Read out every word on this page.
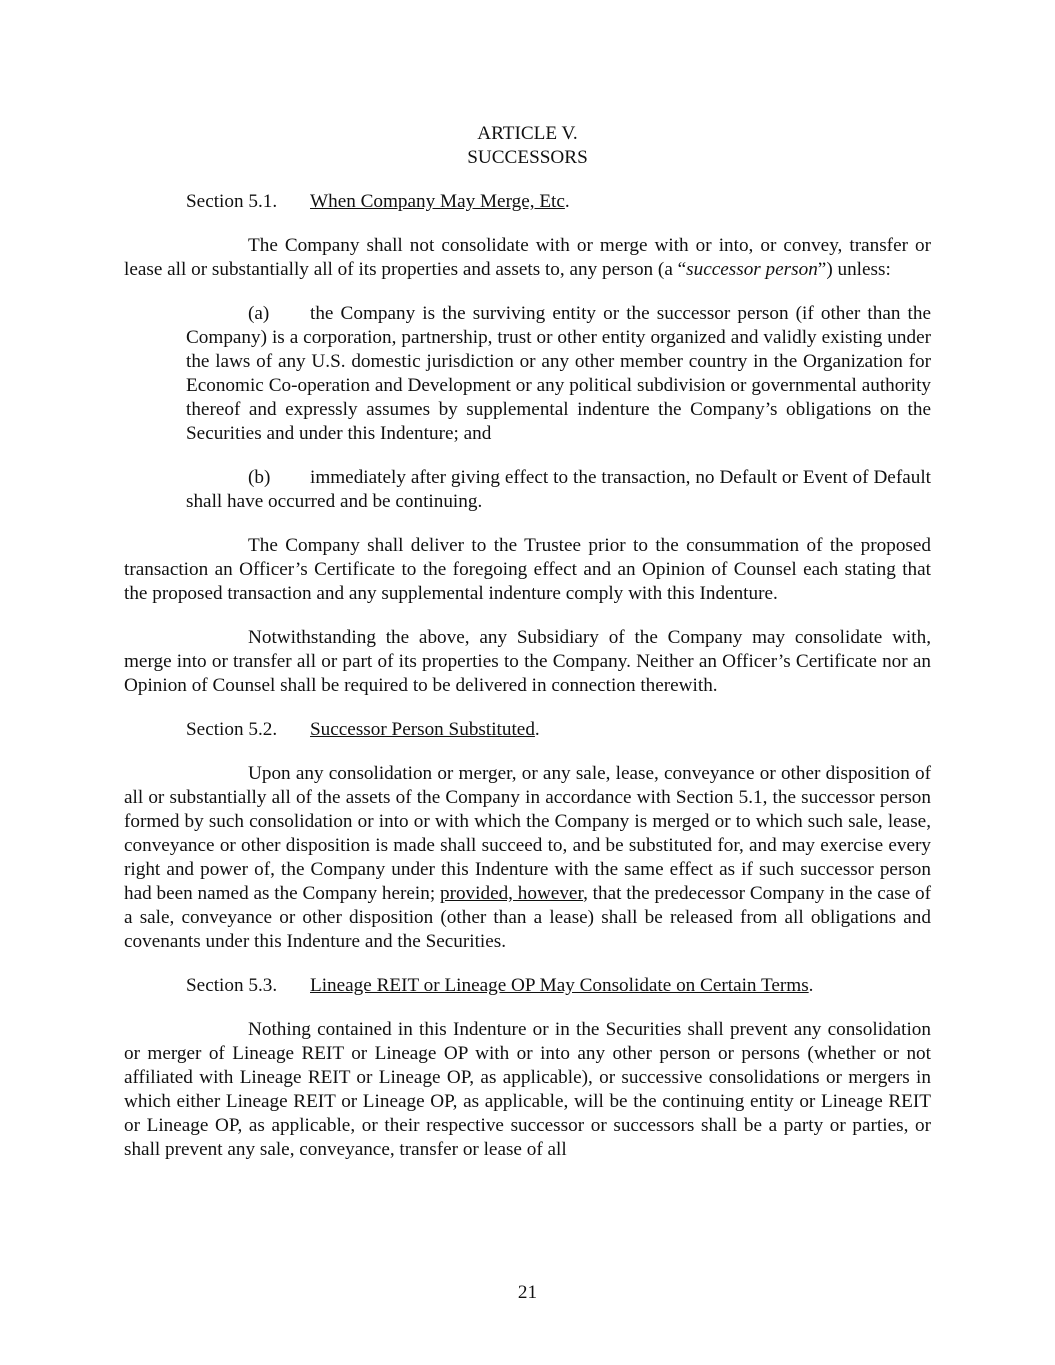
ARTICLE V.
SUCCESSORS
Section 5.1. When Company May Merge, Etc.

The Company shall not consolidate with or merge with or into, or convey, transfer or lease all or substantially all of its properties and assets to, any person (a “successor person”) unless:

(a) the Company is the surviving entity or the successor person (if other than the Company) is a corporation, partnership, trust or other entity organized and validly existing under the laws of any U.S. domestic jurisdiction or any other member country in the Organization for Economic Co-operation and Development or any political subdivision or governmental authority thereof and expressly assumes by supplemental indenture the Company’s obligations on the Securities and under this Indenture; and

(b) immediately after giving effect to the transaction, no Default or Event of Default shall have occurred and be continuing.

The Company shall deliver to the Trustee prior to the consummation of the proposed transaction an Officer’s Certificate to the foregoing effect and an Opinion of Counsel each stating that the proposed transaction and any supplemental indenture comply with this Indenture.

Notwithstanding the above, any Subsidiary of the Company may consolidate with, merge into or transfer all or part of its properties to the Company. Neither an Officer’s Certificate nor an Opinion of Counsel shall be required to be delivered in connection therewith.

Section 5.2. Successor Person Substituted.

Upon any consolidation or merger, or any sale, lease, conveyance or other disposition of all or substantially all of the assets of the Company in accordance with Section 5.1, the successor person formed by such consolidation or into or with which the Company is merged or to which such sale, lease, conveyance or other disposition is made shall succeed to, and be substituted for, and may exercise every right and power of, the Company under this Indenture with the same effect as if such successor person had been named as the Company herein; provided, however, that the predecessor Company in the case of a sale, conveyance or other disposition (other than a lease) shall be released from all obligations and covenants under this Indenture and the Securities.

Section 5.3. Lineage REIT or Lineage OP May Consolidate on Certain Terms.

Nothing contained in this Indenture or in the Securities shall prevent any consolidation or merger of Lineage REIT or Lineage OP with or into any other person or persons (whether or not affiliated with Lineage REIT or Lineage OP, as applicable), or successive consolidations or mergers in which either Lineage REIT or Lineage OP, as applicable, will be the continuing entity or Lineage REIT or Lineage OP, as applicable, or their respective successor or successors shall be a party or parties, or shall prevent any sale, conveyance, transfer or lease of all

21
